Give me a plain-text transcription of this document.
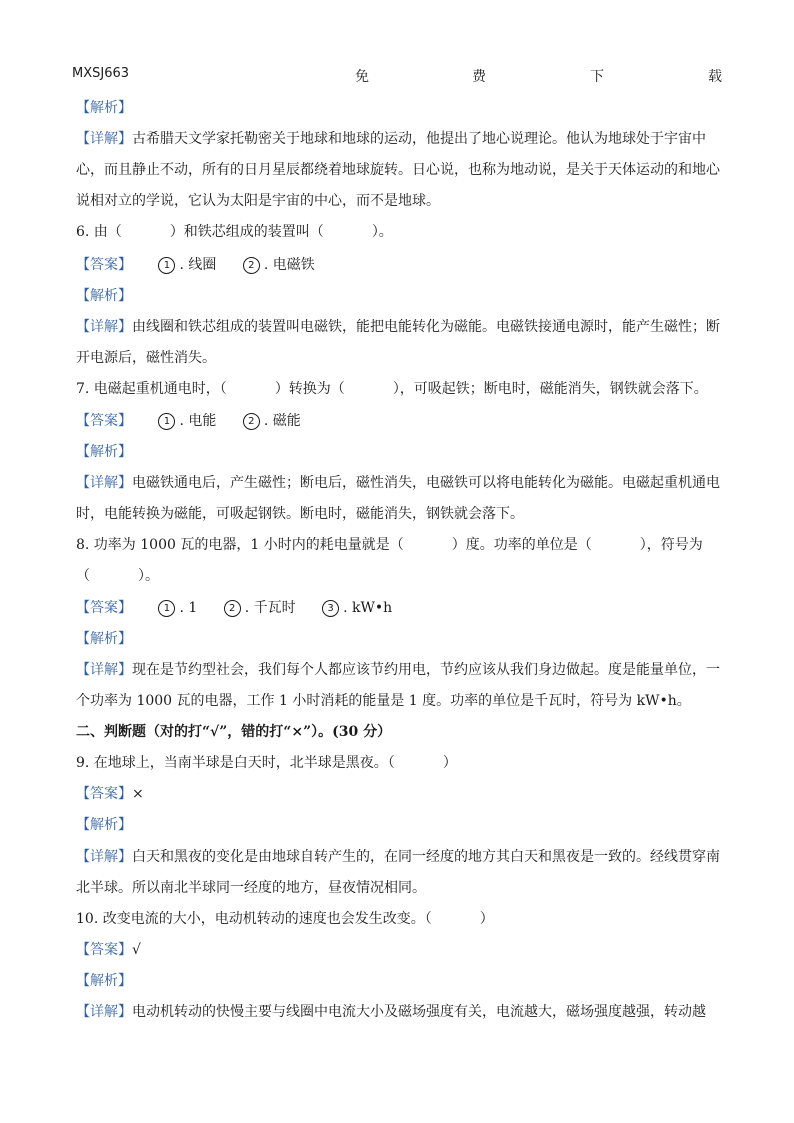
MXSJ663	免	费	下	载
【解析】
【详解】古希腊天文学家托勒密关于地球和地球的运动，他提出了地心说理论。他认为地球处于宇宙中
心，而且静止不动，所有的日月星辰都绕着地球旋转。日心说，也称为地动说，是关于天体运动的和地心
说相对立的学说，它认为太阳是宇宙的中心，而不是地球。
6. 由（	）和铁芯组成的装置叫（	）。
【答案】	1 . 线圈	2 . 电磁铁
【解析】
【详解】由线圈和铁芯组成的装置叫电磁铁，能把电能转化为磁能。电磁铁接通电源时，能产生磁性；断
开电源后，磁性消失。
7. 电磁起重机通电时，（	）转换为（	），可吸起铁；断电时，磁能消失，钢铁就会落下。
【答案】	1 . 电能	2 . 磁能
【解析】
【详解】电磁铁通电后，产生磁性；断电后，磁性消失，电磁铁可以将电能转化为磁能。电磁起重机通电
时，电能转换为磁能，可吸起钢铁。断电时，磁能消失，钢铁就会落下。
8. 功率为 1000 瓦的电器，1 小时内的耗电量就是（	）度。功率的单位是（	），符号为
（	）。
【答案】	1 . 1	2 . 千瓦时	3 . kW•h
【解析】
【详解】现在是节约型社会，我们每个人都应该节约用电，节约应该从我们身边做起。度是能量单位，一
个功率为 1000 瓦的电器，工作 1 小时消耗的能量是 1 度。功率的单位是千瓦时，符号为 kW•h。
二、判断题（对的打“√”，错的打“×”）。(30 分）
9. 在地球上，当南半球是白天时，北半球是黑夜。（	）
【答案】×
【解析】
【详解】白天和黑夜的变化是由地球自转产生的，在同一经度的地方其白天和黑夜是一致的。经线贯穿南
北半球。所以南北半球同一经度的地方，昼夜情况相同。
10. 改变电流的大小，电动机转动的速度也会发生改变。（	）
【答案】√
【解析】
【详解】电动机转动的快慢主要与线圈中电流大小及磁场强度有关，电流越大，磁场强度越强，转动越
